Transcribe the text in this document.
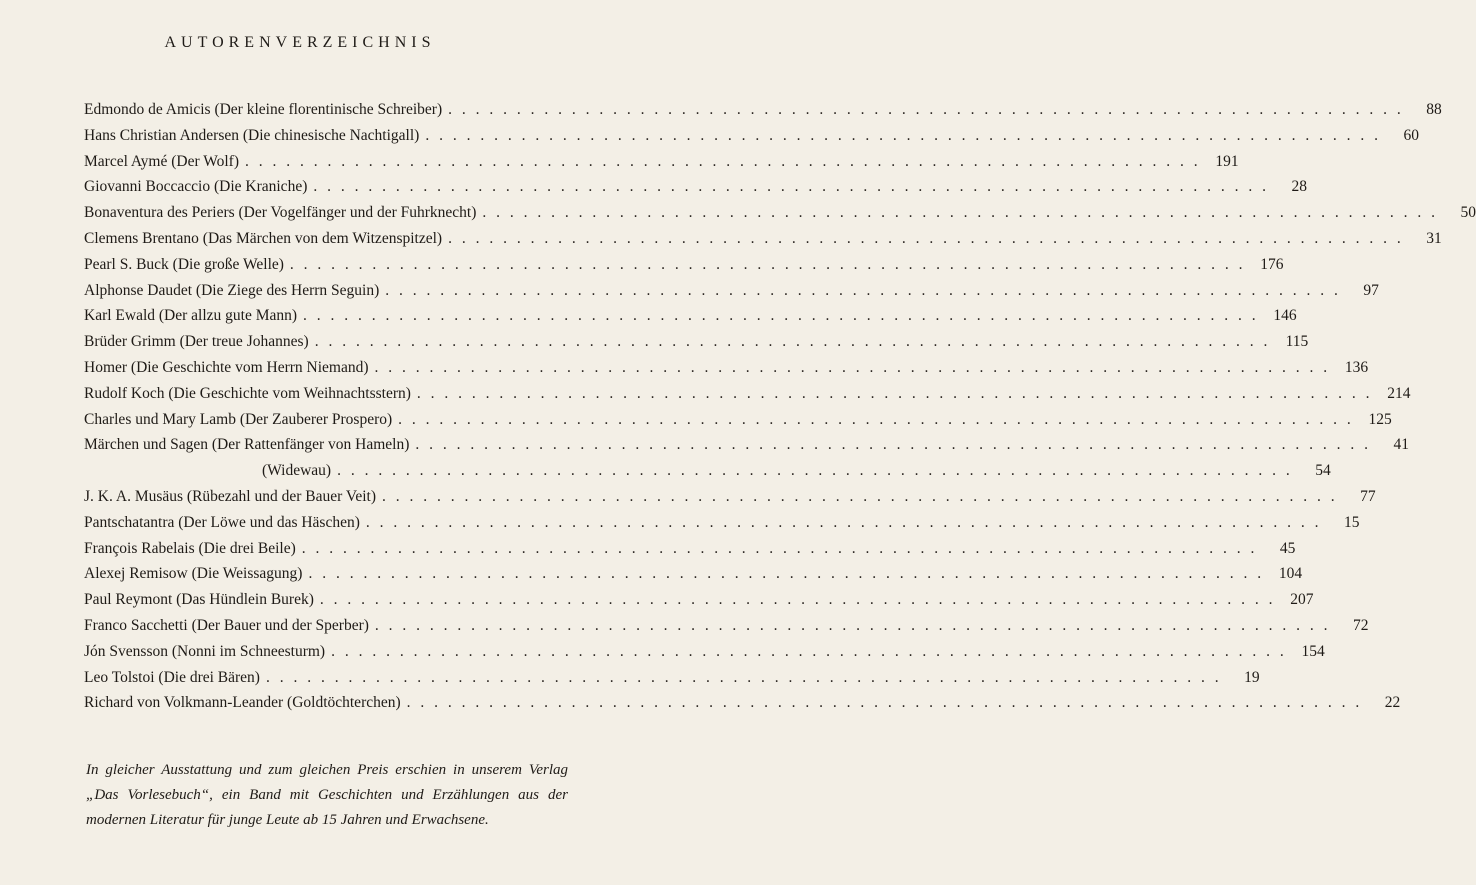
AUTORENVERZEICHNIS
Edmondo de Amicis (Der kleine florentinische Schreiber) . . .	88
Hans Christian Andersen (Die chinesische Nachtigall) . . .	60
Marcel Aymé (Der Wolf) . . .	191
Giovanni Boccaccio (Die Kraniche) . . .	28
Bonaventura des Periers (Der Vogelfänger und der Fuhrknecht) . . .	50
Clemens Brentano (Das Märchen von dem Witzenspitzel) . . .	31
Pearl S. Buck (Die große Welle) . . .	176
Alphonse Daudet (Die Ziege des Herrn Seguin) . . .	97
Karl Ewald (Der allzu gute Mann) . . .	146
Brüder Grimm (Der treue Johannes) . . .	115
Homer (Die Geschichte vom Herrn Niemand) . . .	136
Rudolf Koch (Die Geschichte vom Weihnachtsstern) . . .	214
Charles und Mary Lamb (Der Zauberer Prospero) . . .	125
Märchen und Sagen (Der Rattenfänger von Hameln) . . .	41
(Widewau) . . .	54
J. K. A. Musäus (Rübezahl und der Bauer Veit) . . .	77
Pantschatantra (Der Löwe und das Häschen) . . .	15
François Rabelais (Die drei Beile) . . .	45
Alexej Remisow (Die Weissagung) . . .	104
Paul Reymont (Das Hündlein Burek) . . .	207
Franco Sacchetti (Der Bauer und der Sperber) . . .	72
Jón Svensson (Nonni im Schneesturm) . . .	154
Leo Tolstoi (Die drei Bären) . . .	19
Richard von Volkmann-Leander (Goldtöchterchen) . . .	22

In gleicher Ausstattung und zum gleichen Preis erschien in unserem Verlag „Das Vorlesebuch“, ein Band mit Geschichten und Erzählungen aus der modernen Literatur für junge Leute ab 15 Jahren und Erwachsene.
